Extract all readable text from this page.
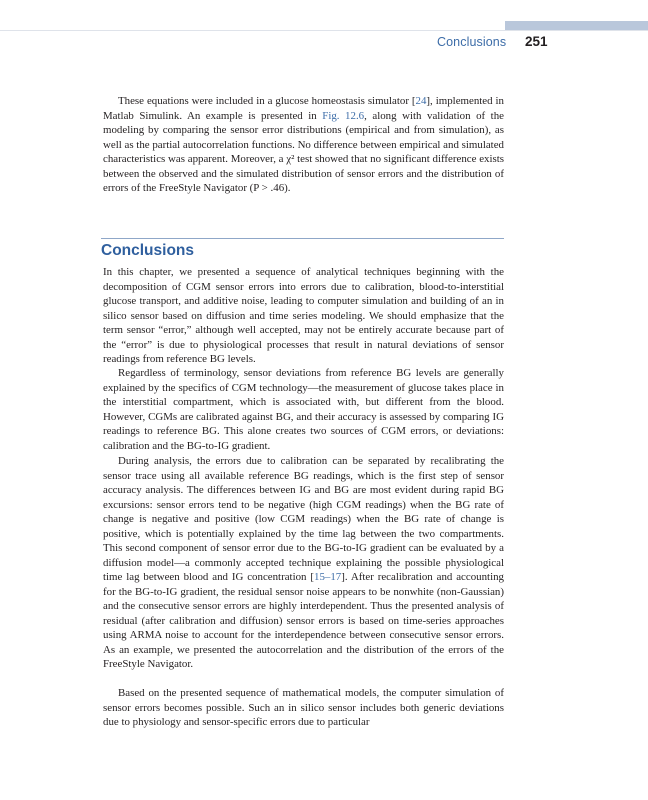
Conclusions 251

These equations were included in a glucose homeostasis simulator [24], implemented in Matlab Simulink. An example is presented in Fig. 12.6, along with validation of the modeling by comparing the sensor error distributions (empirical and from simulation), as well as the partial autocorrelation functions. No difference between empirical and simulated characteristics was apparent. Moreover, a χ² test showed that no significant difference exists between the observed and the simulated distribution of sensor errors and the distribution of errors of the FreeStyle Navigator (P > .46).

Conclusions

In this chapter, we presented a sequence of analytical techniques beginning with the decomposition of CGM sensor errors into errors due to calibration, blood-to-interstitial glucose transport, and additive noise, leading to computer simulation and building of an in silico sensor based on diffusion and time series modeling. We should emphasize that the term sensor “error,” although well accepted, may not be entirely accurate because part of the “error” is due to physiological processes that result in natural deviations of sensor readings from reference BG levels.

Regardless of terminology, sensor deviations from reference BG levels are generally explained by the specifics of CGM technology—the measurement of glucose takes place in the interstitial compartment, which is associated with, but different from the blood. However, CGMs are calibrated against BG, and their accuracy is assessed by comparing IG readings to reference BG. This alone creates two sources of CGM errors, or deviations: calibration and the BG-to-IG gradient.

During analysis, the errors due to calibration can be separated by recalibrating the sensor trace using all available reference BG readings, which is the first step of sensor accuracy analysis. The differences between IG and BG are most evident during rapid BG excursions: sensor errors tend to be negative (high CGM readings) when the BG rate of change is negative and positive (low CGM readings) when the BG rate of change is positive, which is potentially explained by the time lag between the two compartments. This second component of sensor error due to the BG-to-IG gradient can be evaluated by a diffusion model—a commonly accepted technique explaining the possible physiological time lag between blood and IG concentration [15–17]. After recalibration and accounting for the BG-to-IG gradient, the residual sensor noise appears to be nonwhite (non-Gaussian) and the consecutive sensor errors are highly interdependent. Thus the presented analysis of residual (after calibration and diffusion) sensor errors is based on time-series approaches using ARMA noise to account for the interdependence between consecutive sensor errors. As an example, we presented the autocorrelation and the distribution of the errors of the FreeStyle Navigator.

Based on the presented sequence of mathematical models, the computer simulation of sensor errors becomes possible. Such an in silico sensor includes both generic deviations due to physiology and sensor-specific errors due to particular
